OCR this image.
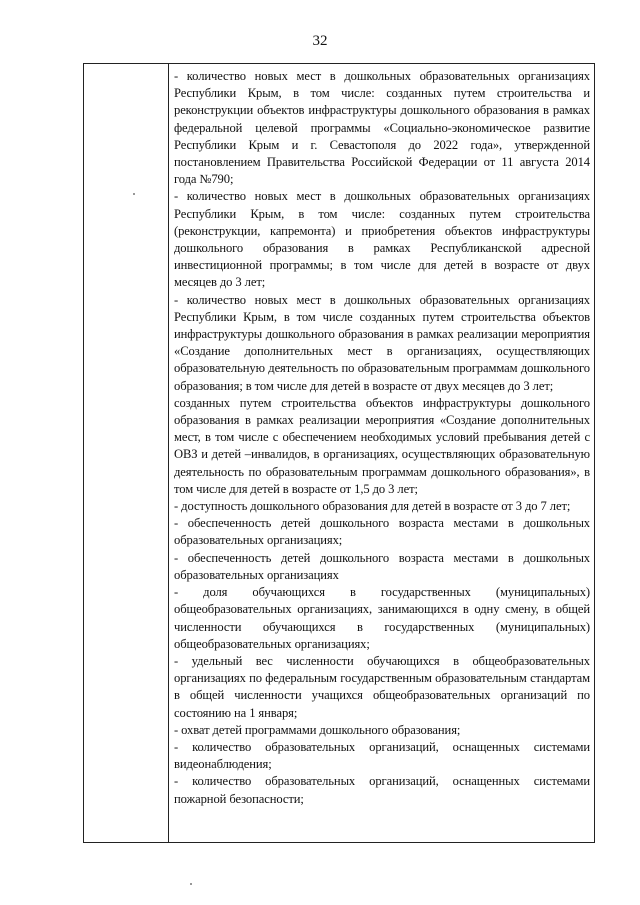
32

- количество новых мест в дошкольных образовательных организациях Республики Крым, в том числе: созданных путем строительства и реконструкции объектов инфраструктуры дошкольного образования в рамках федеральной целевой программы «Социально-экономическое развитие Республики Крым и г. Севастополя до 2022 года», утвержденной постановлением Правительства Российской Федерации от 11 августа 2014 года №790;

- количество новых мест в дошкольных образовательных организациях Республики Крым, в том числе: созданных путем строительства (реконструкции, капремонта) и приобретения объектов инфраструктуры дошкольного образования в рамках Республиканской адресной инвестиционной программы; в том числе для детей в возрасте от двух месяцев до 3 лет;

- количество новых мест в дошкольных образовательных организациях Республики Крым, в том числе созданных путем строительства объектов инфраструктуры дошкольного образования в рамках реализации мероприятия «Создание дополнительных мест в организациях, осуществляющих образовательную деятельность по образовательным программам дошкольного образования; в том числе для детей в возрасте от двух месяцев до 3 лет;

созданных путем строительства объектов инфраструктуры дошкольного образования в рамках реализации мероприятия «Создание дополнительных мест, в том числе с обеспечением необходимых условий пребывания детей с ОВЗ и детей –инвалидов, в организациях, осуществляющих образовательную деятельность по образовательным программам дошкольного образования», в том числе для детей в возрасте от 1,5 до 3 лет;

- доступность дошкольного образования для детей в возрасте от 3 до 7 лет;

- обеспеченность детей дошкольного возраста местами в дошкольных образовательных организациях;

- обеспеченность детей дошкольного возраста местами в дошкольных образовательных организациях

- доля обучающихся в государственных (муниципальных) общеобразовательных организациях, занимающихся в одну смену, в общей численности обучающихся в государственных (муниципальных) общеобразовательных организациях;

- удельный вес численности обучающихся в общеобразовательных организациях по федеральным государственным образовательным стандартам в общей численности учащихся общеобразовательных организаций по состоянию на 1 января;

- охват детей программами дошкольного образования;

- количество образовательных организаций, оснащенных системами видеонаблюдения;

- количество образовательных организаций, оснащенных системами пожарной безопасности;
